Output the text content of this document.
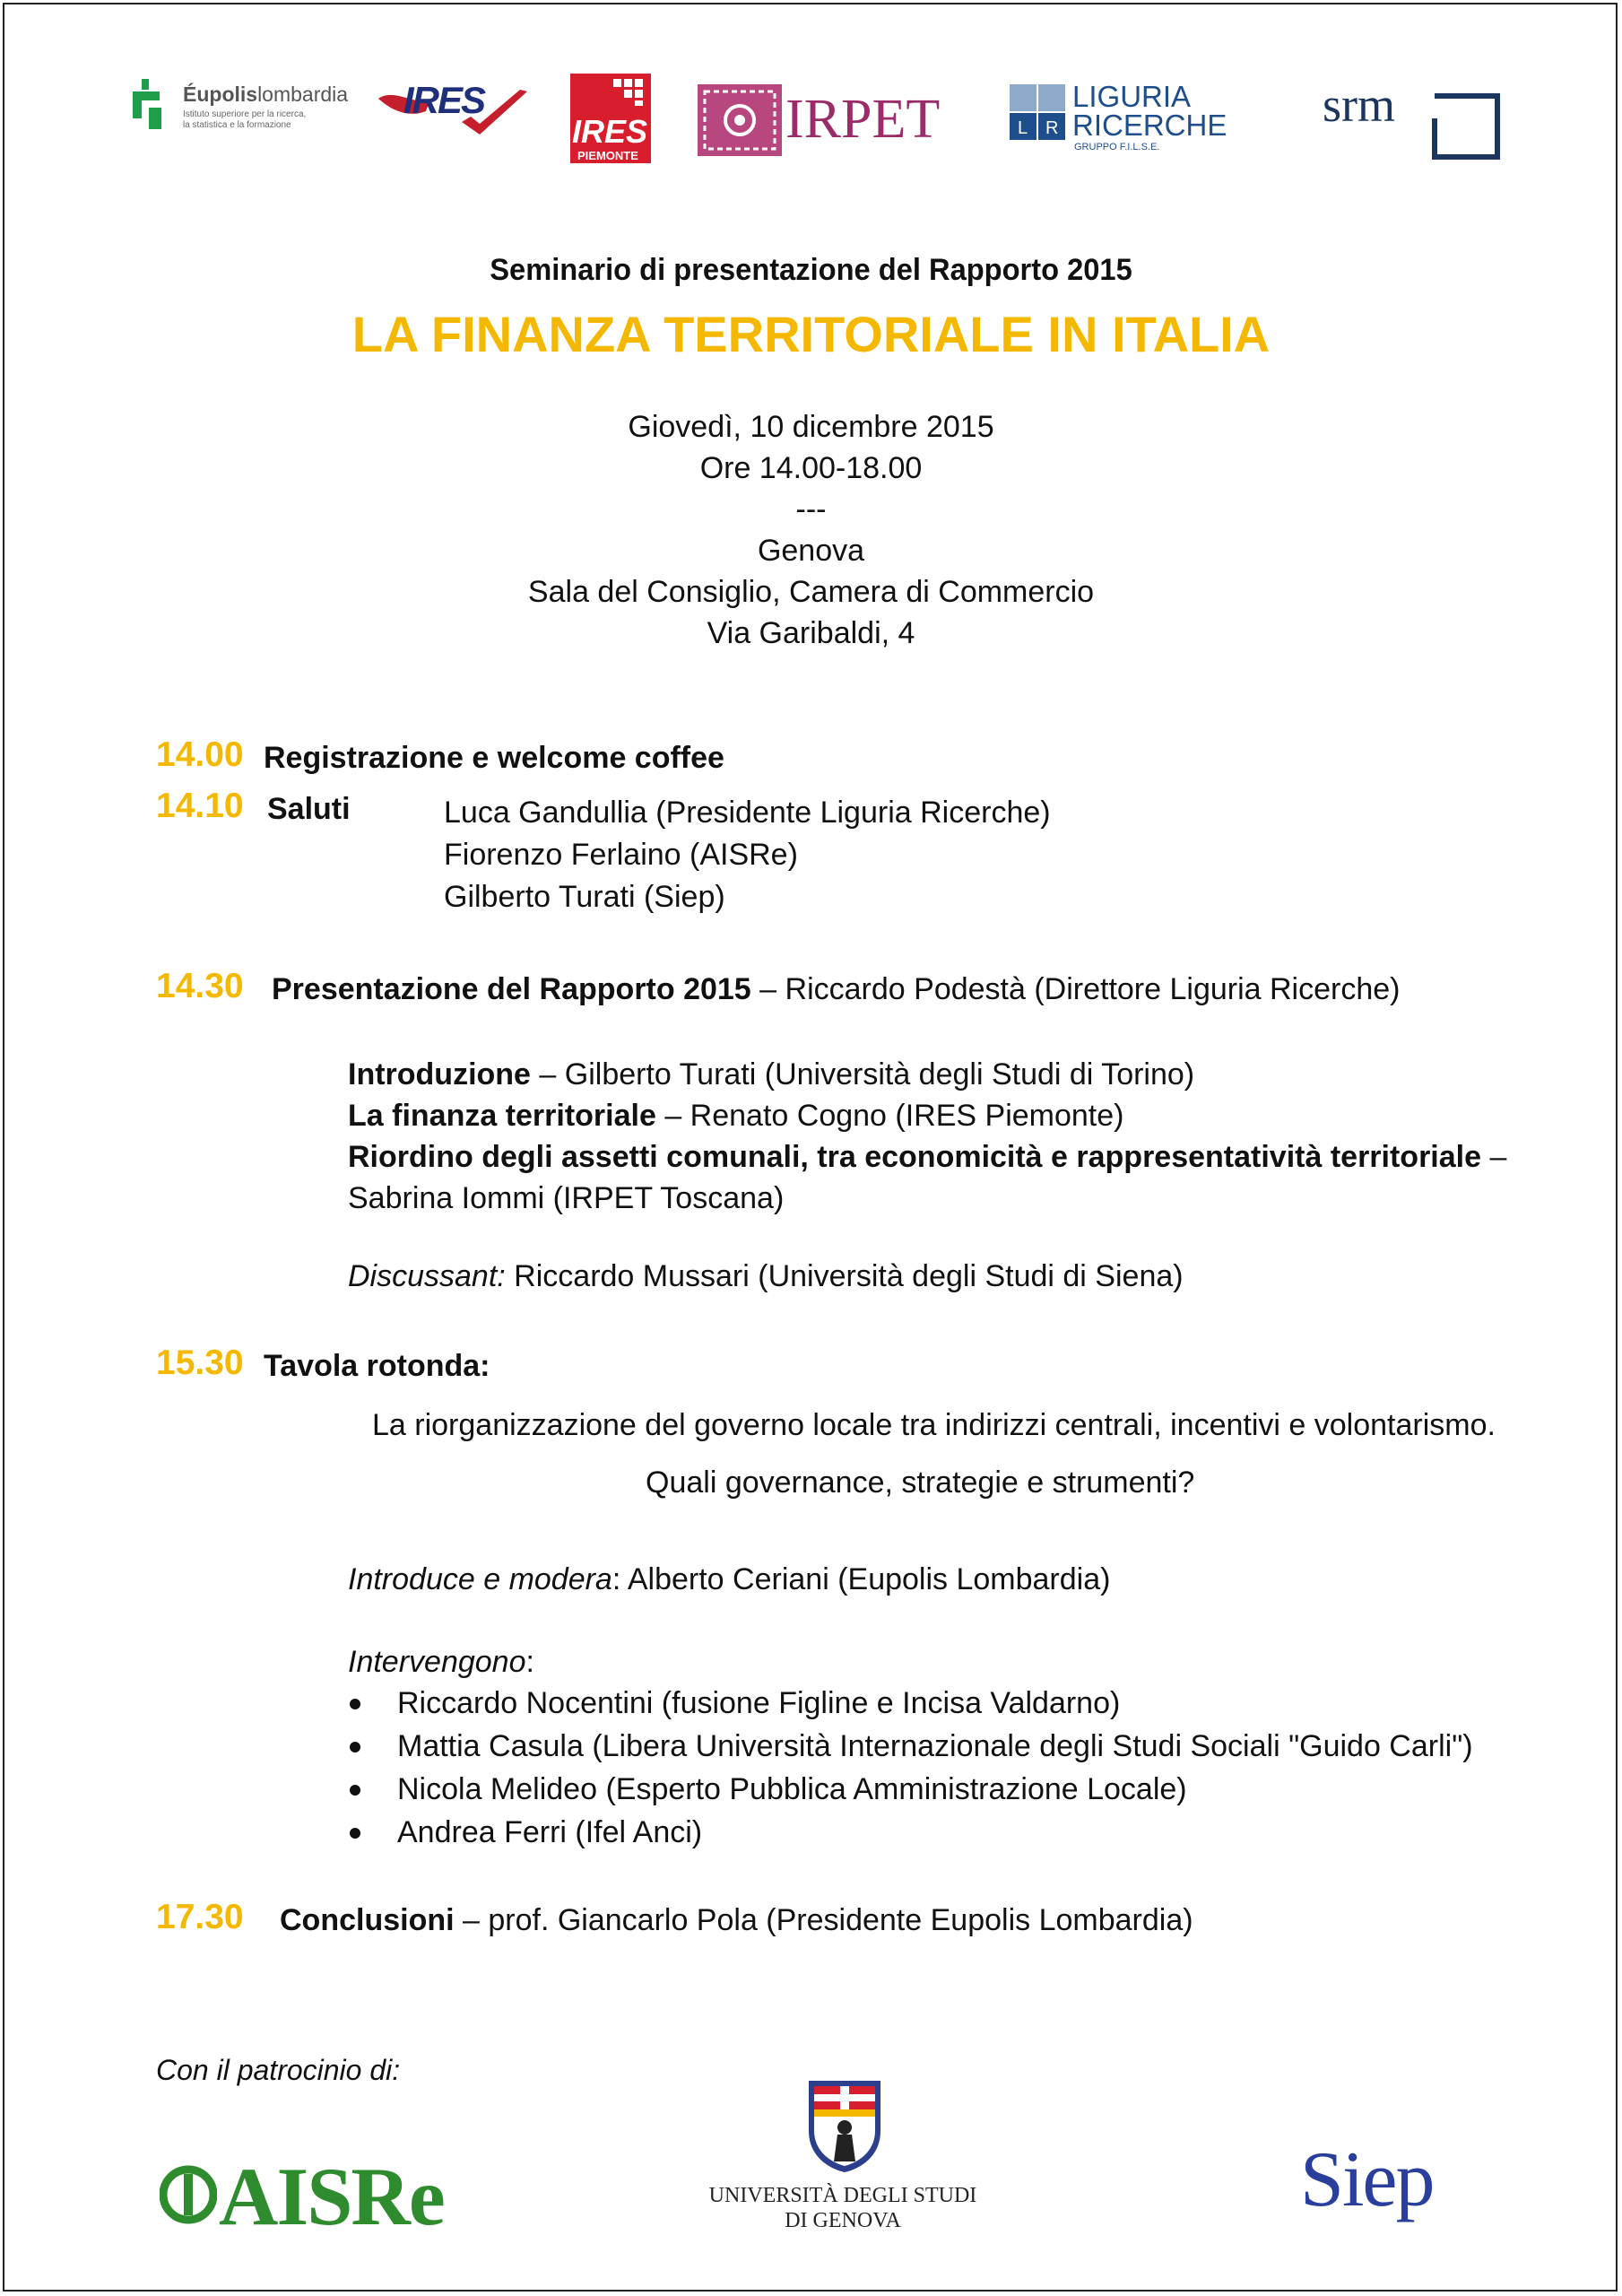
Éupolislombardia
Istituto superiore per la ricerca,
la statistica e la formazione
IRES
IRES
PIEMONTE
IRPET	L R
LIGURIA
RICERCHE
GRUPPO F.I.L.S.E.
srm
Seminario di presentazione del Rapporto 2015
LA FINANZA TERRITORIALE IN ITALIA
Giovedì, 10 dicembre 2015
Ore 14.00-18.00
---
Genova
Sala del Consiglio, Camera di Commercio
Via Garibaldi, 4
14.00 Registrazione e welcome coffee
14.10 Saluti	Luca Gandullia (Presidente Liguria Ricerche)
Fiorenzo Ferlaino (AISRe)
Gilberto Turati (Siep)
14.30 Presentazione del Rapporto 2015 – Riccardo Podestà (Direttore Liguria Ricerche)
Introduzione – Gilberto Turati (Università degli Studi di Torino)
La finanza territoriale – Renato Cogno (IRES Piemonte)
Riordino degli assetti comunali, tra economicità e rappresentatività territoriale –
Sabrina Iommi (IRPET Toscana)
Discussant: Riccardo Mussari (Università degli Studi di Siena)
15.30 Tavola rotonda:
La riorganizzazione del governo locale tra indirizzi centrali, incentivi e volontarismo.
Quali governance, strategie e strumenti?
Introduce e modera: Alberto Ceriani (Eupolis Lombardia)
Intervengono:
Riccardo Nocentini (fusione Figline e Incisa Valdarno)
Mattia Casula (Libera Università Internazionale degli Studi Sociali "Guido Carli")
Nicola Melideo (Esperto Pubblica Amministrazione Locale)
Andrea Ferri (Ifel Anci)
17.30 Conclusioni – prof. Giancarlo Pola (Presidente Eupolis Lombardia)
Con il patrocinio di:
AISRe	UNIVERSITÀ DEGLI STUDI
DI GENOVA	Siep
